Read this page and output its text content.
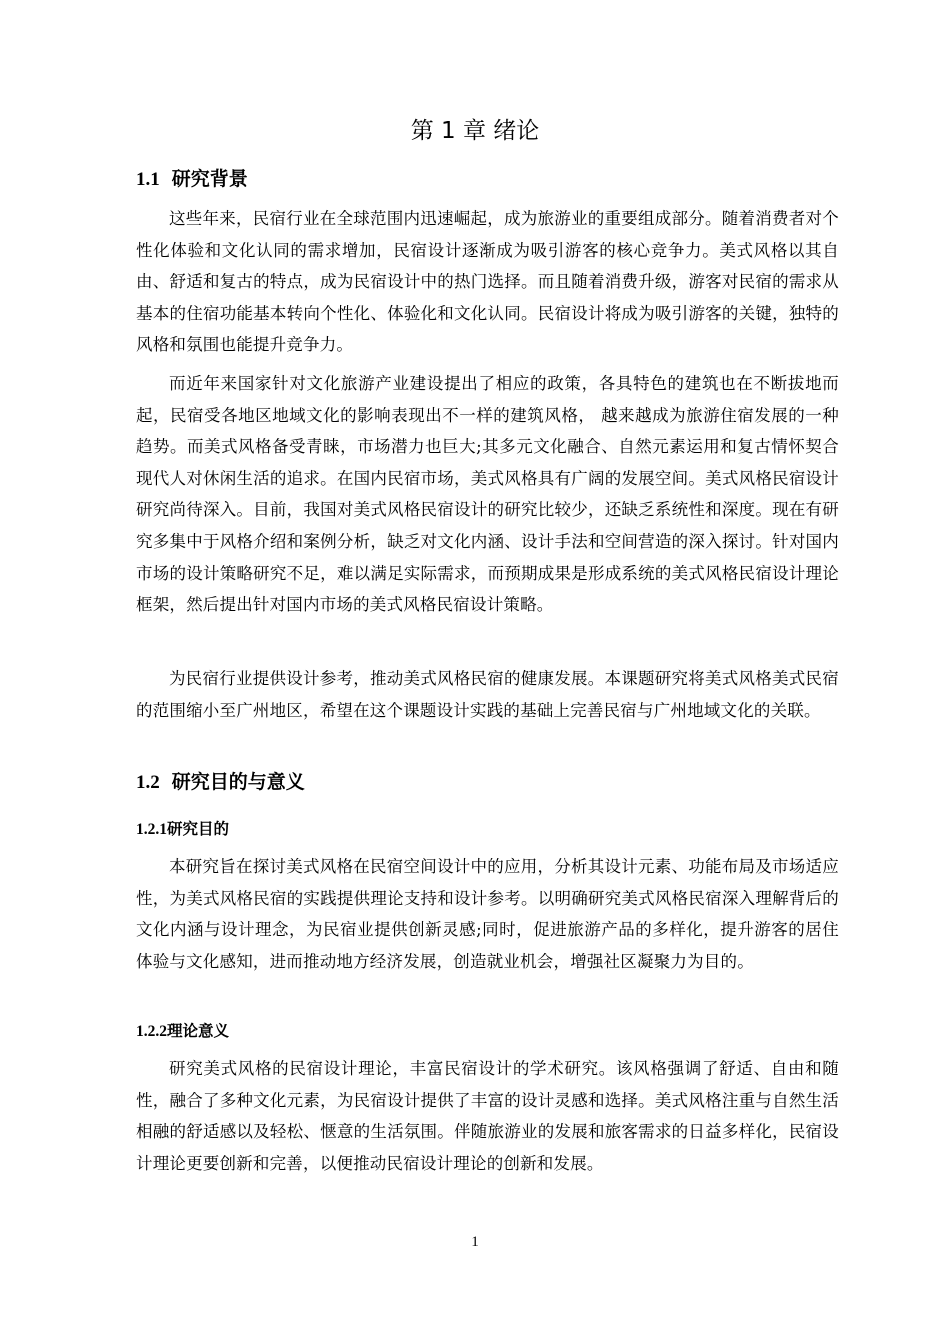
第 1 章 绪论
1.1 研究背景

这些年来，民宿行业在全球范围内迅速崛起，成为旅游业的重要组成部分。随着消费者对个性化体验和文化认同的需求增加，民宿设计逐渐成为吸引游客的核心竞争力。美式风格以其自由、舒适和复古的特点，成为民宿设计中的热门选择。而且随着消费升级，游客对民宿的需求从基本的住宿功能基本转向个性化、体验化和文化认同。民宿设计将成为吸引游客的关键，独特的风格和氛围也能提升竞争力。

而近年来国家针对文化旅游产业建设提出了相应的政策，各具特色的建筑也在不断拔地而起，民宿受各地区地域文化的影响表现出不一样的建筑风格， 越来越成为旅游住宿发展的一种趋势。而美式风格备受青睐，市场潜力也巨大;其多元文化融合、自然元素运用和复古情怀契合现代人对休闲生活的追求。在国内民宿市场，美式风格具有广阔的发展空间。美式风格民宿设计研究尚待深入。目前，我国对美式风格民宿设计的研究比较少，还缺乏系统性和深度。现在有研究多集中于风格介绍和案例分析，缺乏对文化内涵、设计手法和空间营造的深入探讨。针对国内市场的设计策略研究不足，难以满足实际需求，而预期成果是形成系统的美式风格民宿设计理论框架，然后提出针对国内市场的美式风格民宿设计策略。

为民宿行业提供设计参考，推动美式风格民宿的健康发展。本课题研究将美式风格美式民宿的范围缩小至广州地区，希望在这个课题设计实践的基础上完善民宿与广州地域文化的关联。

1.2 研究目的与意义
1.2.1研究目的

本研究旨在探讨美式风格在民宿空间设计中的应用，分析其设计元素、功能布局及市场适应性，为美式风格民宿的实践提供理论支持和设计参考。以明确研究美式风格民宿深入理解背后的文化内涵与设计理念，为民宿业提供创新灵感;同时，促进旅游产品的多样化，提升游客的居住体验与文化感知，进而推动地方经济发展，创造就业机会，增强社区凝聚力为目的。

1.2.2理论意义

研究美式风格的民宿设计理论，丰富民宿设计的学术研究。该风格强调了舒适、自由和随性，融合了多种文化元素，为民宿设计提供了丰富的设计灵感和选择。美式风格注重与自然生活相融的舒适感以及轻松、惬意的生活氛围。伴随旅游业的发展和旅客需求的日益多样化，民宿设计理论更要创新和完善，以便推动民宿设计理论的创新和发展。

1
